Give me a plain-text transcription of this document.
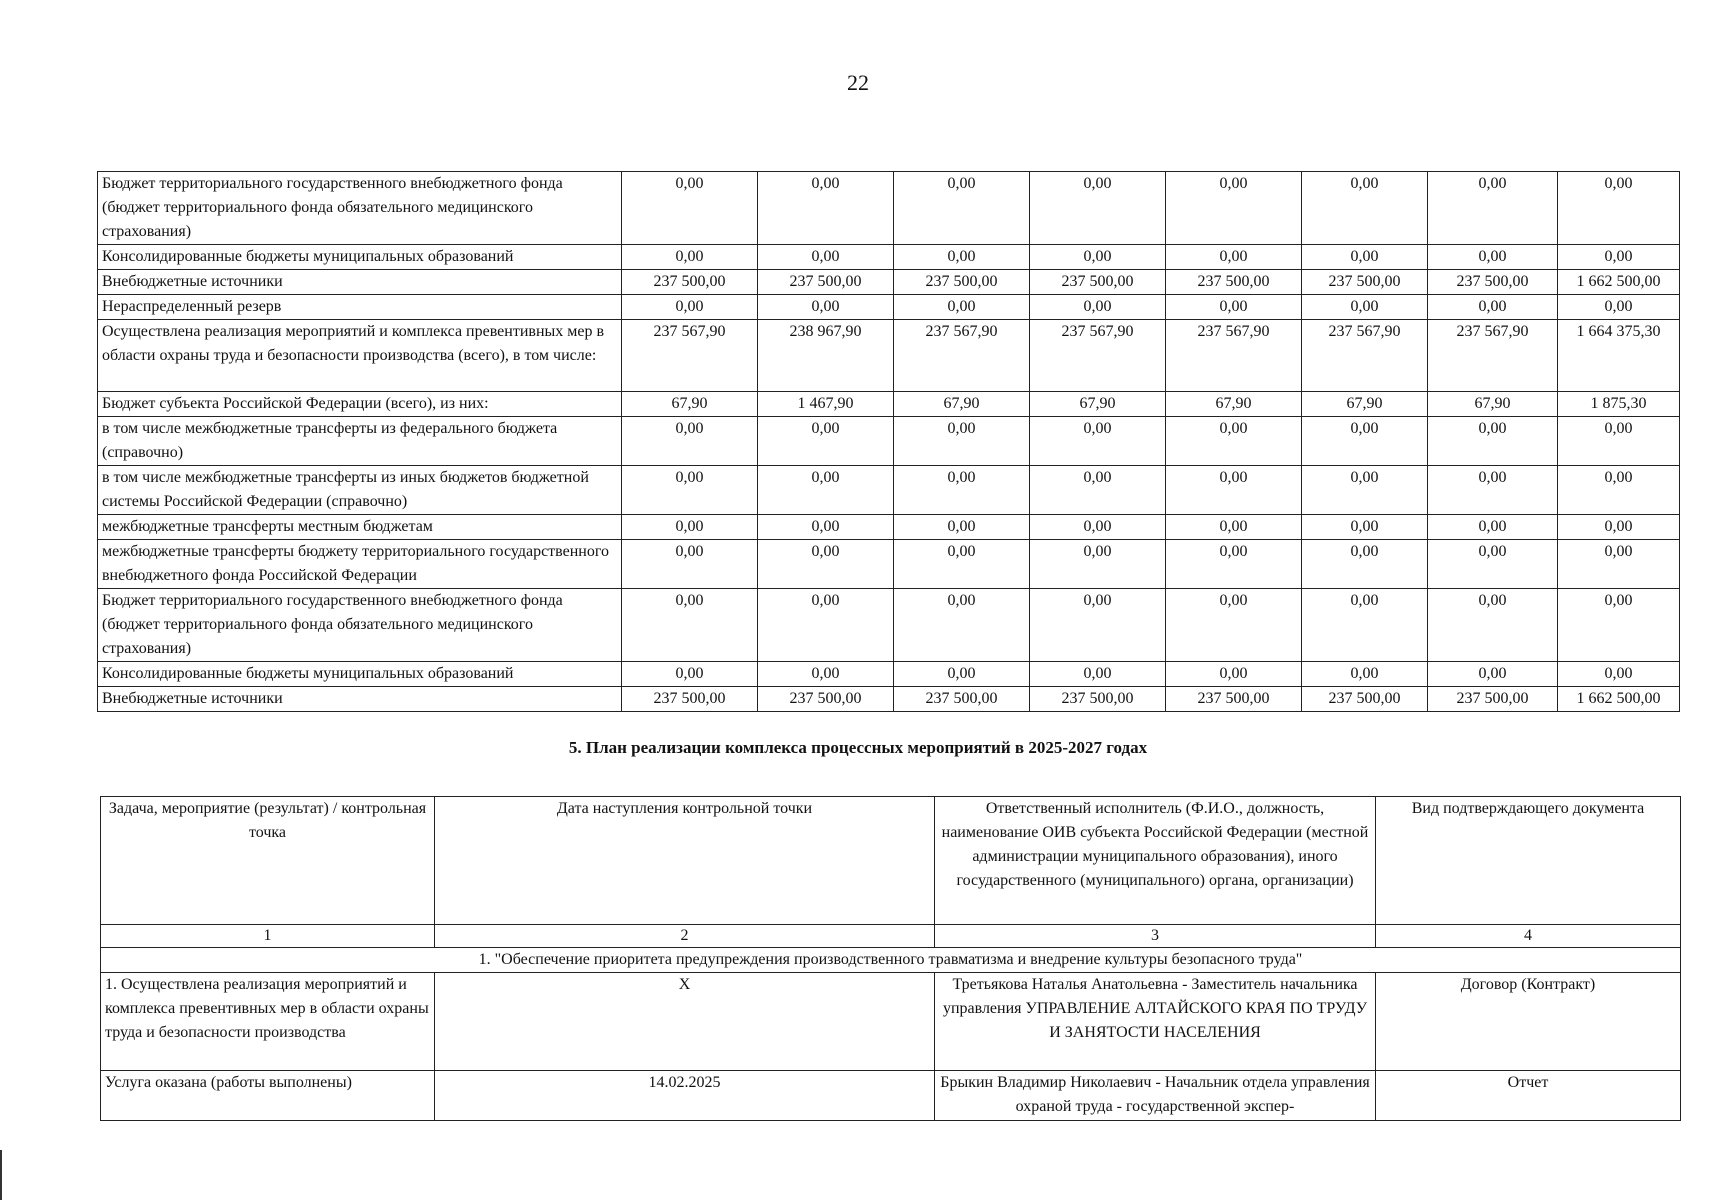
22
Бюджет территориального государственного внебюджетного фонда (бюджет территориального фонда обязательного медицинского страхования)	0,00	0,00	0,00	0,00	0,00	0,00	0,00	0,00
Консолидированные бюджеты муниципальных образований	0,00	0,00	0,00	0,00	0,00	0,00	0,00	0,00
Внебюджетные источники	237 500,00	237 500,00	237 500,00	237 500,00	237 500,00	237 500,00	237 500,00	1 662 500,00
Нераспределенный резерв	0,00	0,00	0,00	0,00	0,00	0,00	0,00	0,00
Осуществлена реализация мероприятий и комплекса превентивных мер в области охраны труда и безопасности производства (всего), в том числе:	237 567,90	238 967,90	237 567,90	237 567,90	237 567,90	237 567,90	237 567,90	1 664 375,30
Бюджет субъекта Российской Федерации (всего), из них:	67,90	1 467,90	67,90	67,90	67,90	67,90	67,90	1 875,30
в том числе межбюджетные трансферты из федерального бюджета (справочно)	0,00	0,00	0,00	0,00	0,00	0,00	0,00	0,00
в том числе межбюджетные трансферты из иных бюджетов бюджетной системы Российской Федерации (справочно)	0,00	0,00	0,00	0,00	0,00	0,00	0,00	0,00
межбюджетные трансферты местным бюджетам	0,00	0,00	0,00	0,00	0,00	0,00	0,00	0,00
межбюджетные трансферты бюджету территориального государственного внебюджетного фонда Российской Федерации	0,00	0,00	0,00	0,00	0,00	0,00	0,00	0,00
Бюджет территориального государственного внебюджетного фонда (бюджет территориального фонда обязательного медицинского страхования)	0,00	0,00	0,00	0,00	0,00	0,00	0,00	0,00
Консолидированные бюджеты муниципальных образований	0,00	0,00	0,00	0,00	0,00	0,00	0,00	0,00
Внебюджетные источники	237 500,00	237 500,00	237 500,00	237 500,00	237 500,00	237 500,00	237 500,00	1 662 500,00
5. План реализации комплекса процессных мероприятий в 2025-2027 годах
Задача, мероприятие (результат) / контрольная точка	Дата наступления контрольной точки	Ответственный исполнитель (Ф.И.О., должность, наименование ОИВ субъекта Российской Федерации (местной администрации муниципального образования), иного государственного (муниципального) органа, организации)	Вид подтверждающего документа
1	2	3	4
1. "Обеспечение приоритета предупреждения производственного травматизма и внедрение культуры безопасного труда"			
1. Осуществлена реализация мероприятий и комплекса превентивных мер в области охраны труда и безопасности производства	X	Третьякова Наталья Анатольевна - Заместитель начальника управления УПРАВЛЕНИЕ АЛТАЙСКОГО КРАЯ ПО ТРУДУ И ЗАНЯТОСТИ НАСЕЛЕНИЯ	Договор (Контракт)
Услуга оказана (работы выполнены)	14.02.2025	Брыкин Владимир Николаевич - Начальник отдела управления охраной труда - государственной экспер-	Отчет
